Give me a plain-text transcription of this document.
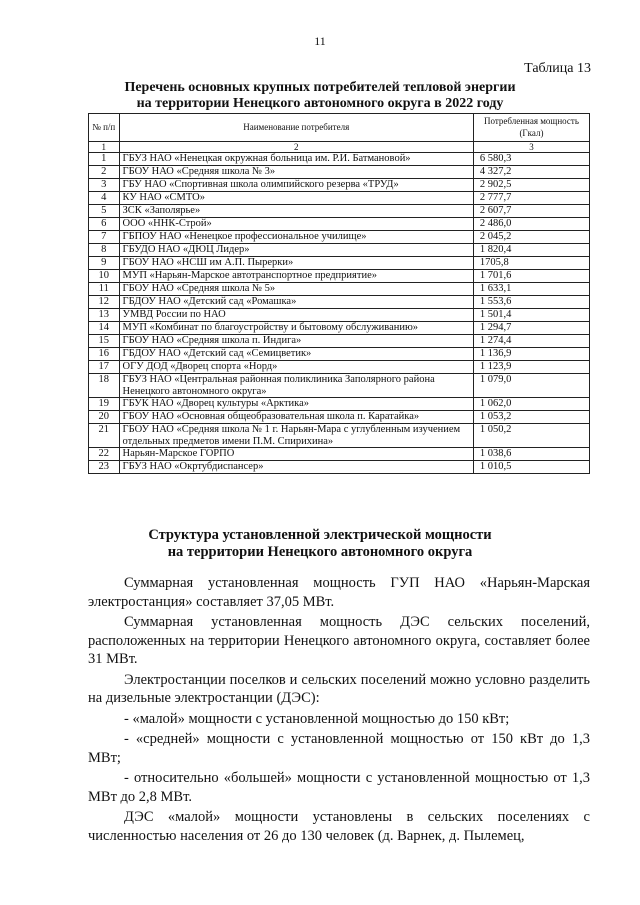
11
Таблица 13
Перечень основных крупных потребителей тепловой энергии
на территории Ненецкого автономного округа в 2022 году
№ п/п	Наименование потребителя	Потребленная мощность (Гкал)
1	2	3
1	ГБУЗ НАО «Ненецкая окружная больница им. Р.И. Батмановой»	6 580,3
2	ГБОУ НАО «Средняя школа № 3»	4 327,2
3	ГБУ НАО «Спортивная школа олимпийского резерва «ТРУД»	2 902,5
4	КУ НАО «СМТО»	2 777,7
5	ЗСК «Заполярье»	2 607,7
6	ООО «ННК-Строй»	2 486,0
7	ГБПОУ НАО «Ненецкое профессиональное училище»	2 045,2
8	ГБУДО НАО «ДЮЦ Лидер»	1 820,4
9	ГБОУ НАО «НСШ им А.П. Пырерки»	1705,8
10	МУП «Нарьян-Марское автотранспортное предприятие»	1 701,6
11	ГБОУ НАО «Средняя школа № 5»	1 633,1
12	ГБДОУ НАО «Детский сад «Ромашка»	1 553,6
13	УМВД России по НАО	1 501,4
14	МУП «Комбинат по благоустройству и бытовому обслуживанию»	1 294,7
15	ГБОУ НАО «Средняя школа п. Индига»	1 274,4
16	ГБДОУ НАО «Детский сад «Семицветик»	1 136,9
17	ОГУ ДОД «Дворец спорта «Норд»	1 123,9
18	ГБУЗ НАО «Центральная районная поликлиника Заполярного района Ненецкого автономного округа»	1 079,0
19	ГБУК НАО «Дворец культуры «Арктика»	1 062,0
20	ГБОУ НАО «Основная общеобразовательная школа п. Каратайка»	1 053,2
21	ГБОУ НАО «Средняя школа № 1 г. Нарьян-Мара с углубленным изучением отдельных предметов имени П.М. Спирихина»	1 050,2
22	Нарьян-Марское ГОРПО	1 038,6
23	ГБУЗ НАО «Окртубдиспансер»	1 010,5
Структура установленной электрической мощности
на территории Ненецкого автономного округа

Суммарная установленная мощность ГУП НАО «Нарьян-Марская электростанция» составляет 37,05 МВт.

Суммарная установленная мощность ДЭС сельских поселений, расположенных на территории Ненецкого автономного округа, составляет более 31 МВт.

Электростанции поселков и сельских поселений можно условно разделить на дизельные электростанции (ДЭС):

- «малой» мощности с установленной мощностью до 150 кВт;

- «средней» мощности с установленной мощностью от 150 кВт до 1,3 МВт;

- относительно «большей» мощности с установленной мощностью от 1,3 МВт до 2,8 МВт.

ДЭС «малой» мощности установлены в сельских поселениях с численностью населения от 26 до 130 человек (д. Варнек, д. Пылемец,
